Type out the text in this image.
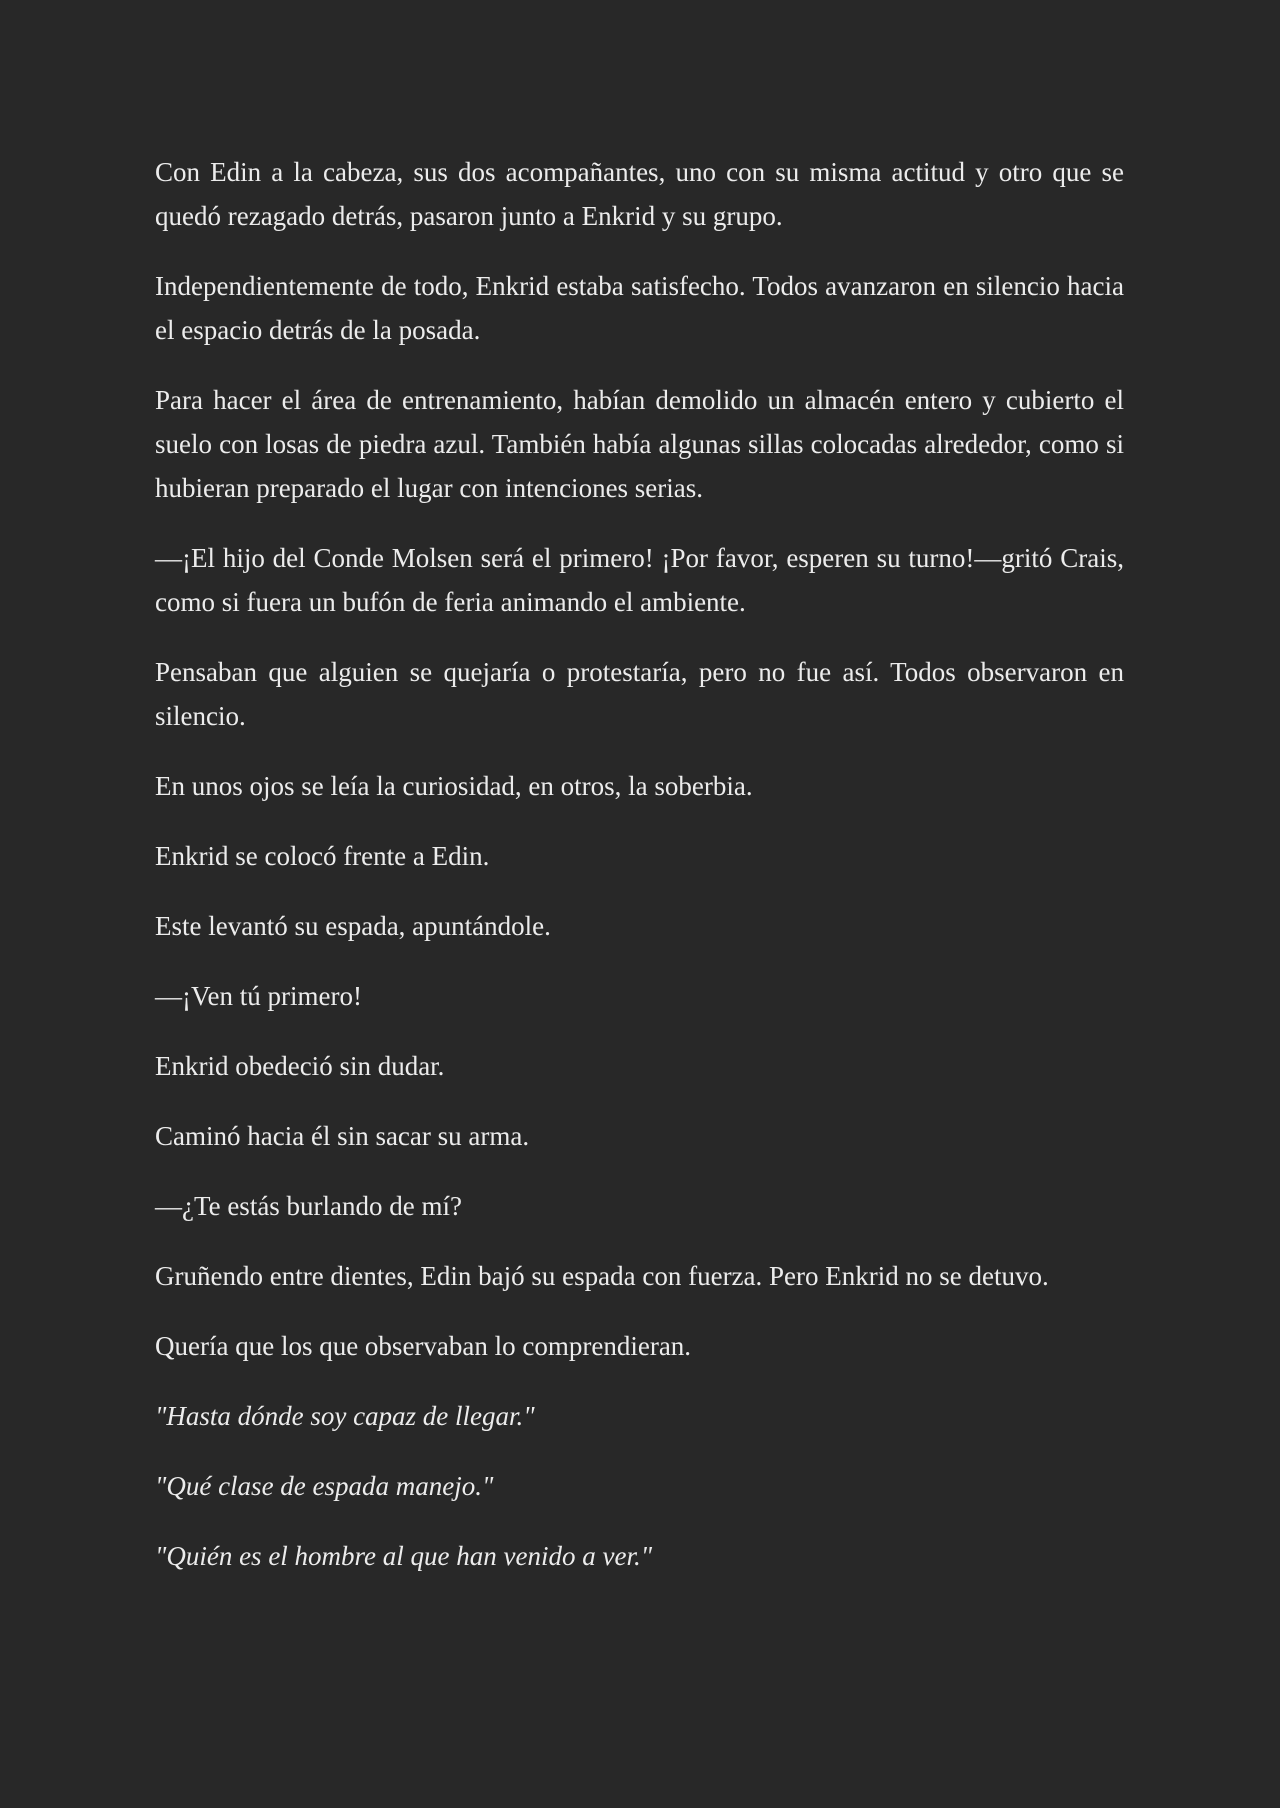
Con Edin a la cabeza, sus dos acompañantes, uno con su misma actitud y otro que se quedó rezagado detrás, pasaron junto a Enkrid y su grupo.

Independientemente de todo, Enkrid estaba satisfecho. Todos avanzaron en silencio hacia el espacio detrás de la posada.

Para hacer el área de entrenamiento, habían demolido un almacén entero y cubierto el suelo con losas de piedra azul. También había algunas sillas colocadas alrededor, como si hubieran preparado el lugar con intenciones serias.

—¡El hijo del Conde Molsen será el primero! ¡Por favor, esperen su turno!—gritó Crais, como si fuera un bufón de feria animando el ambiente.

Pensaban que alguien se quejaría o protestaría, pero no fue así. Todos observaron en silencio.

En unos ojos se leía la curiosidad, en otros, la soberbia.

Enkrid se colocó frente a Edin.

Este levantó su espada, apuntándole.

—¡Ven tú primero!

Enkrid obedeció sin dudar.

Caminó hacia él sin sacar su arma.

—¿Te estás burlando de mí?

Gruñendo entre dientes, Edin bajó su espada con fuerza. Pero Enkrid no se detuvo.

Quería que los que observaban lo comprendieran.

"Hasta dónde soy capaz de llegar."

"Qué clase de espada manejo."

"Quién es el hombre al que han venido a ver."
